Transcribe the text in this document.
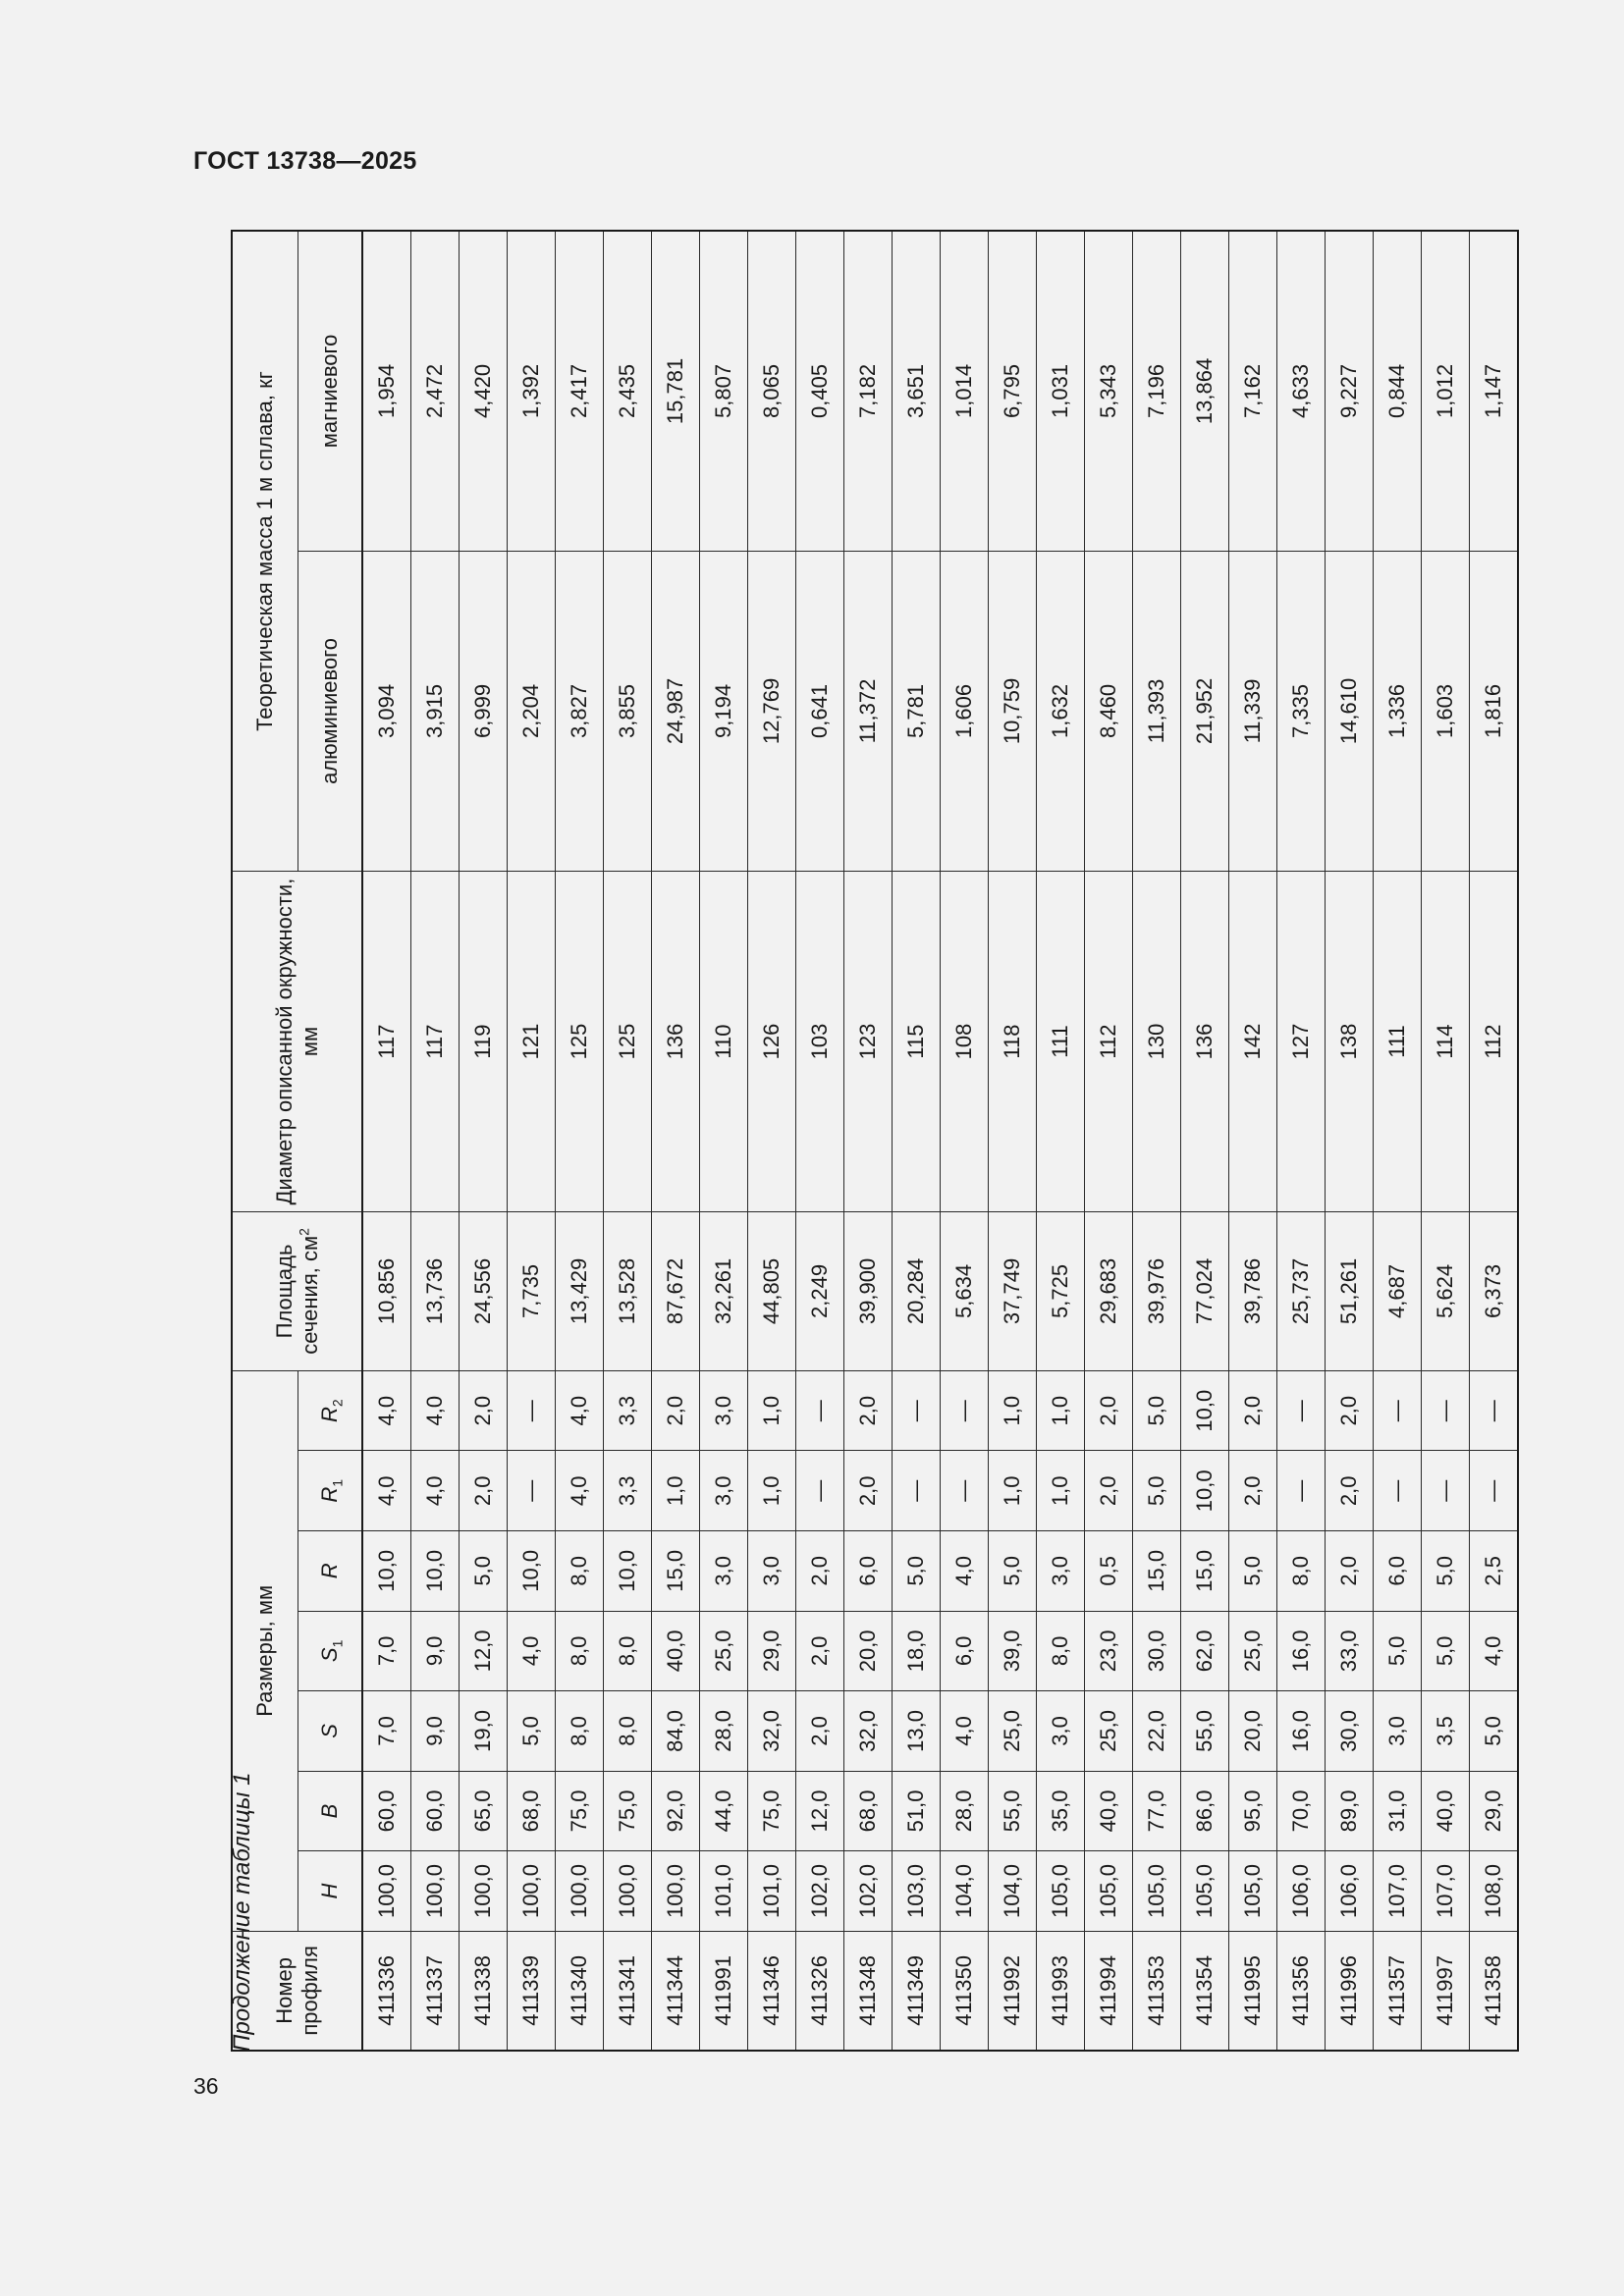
ГОСТ 13738—2025
Продолжение таблицы 1 Номер профиля	Размеры, мм							Площадь сечения, $см^2$	Диаметр описанной окружности, мм	Теоретическая масса 1 м сплава, кг	
	H	B	S	$S_1$	R	$R_1$	$R_2$			алюминиевого	магниевого
411336	100,0	60,0	7,0	7,0	10,0	4,0	4,0	10,856	117	3,094	1,954
411337	100,0	60,0	9,0	9,0	10,0	4,0	4,0	13,736	117	3,915	2,472
411338	100,0	65,0	19,0	12,0	5,0	2,0	2,0	24,556	119	6,999	4,420
411339	100,0	68,0	5,0	4,0	10,0	—	—	7,735	121	2,204	1,392
411340	100,0	75,0	8,0	8,0	8,0	4,0	4,0	13,429	125	3,827	2,417
411341	100,0	75,0	8,0	8,0	10,0	3,3	3,3	13,528	125	3,855	2,435
411344	100,0	92,0	84,0	40,0	15,0	1,0	2,0	87,672	136	24,987	15,781
411991	101,0	44,0	28,0	25,0	3,0	3,0	3,0	32,261	110	9,194	5,807
411346	101,0	75,0	32,0	29,0	3,0	1,0	1,0	44,805	126	12,769	8,065
411326	102,0	12,0	2,0	2,0	2,0	—	—	2,249	103	0,641	0,405
411348	102,0	68,0	32,0	20,0	6,0	2,0	2,0	39,900	123	11,372	7,182
411349	103,0	51,0	13,0	18,0	5,0	—	—	20,284	115	5,781	3,651
411350	104,0	28,0	4,0	6,0	4,0	—	—	5,634	108	1,606	1,014
411992	104,0	55,0	25,0	39,0	5,0	1,0	1,0	37,749	118	10,759	6,795
411993	105,0	35,0	3,0	8,0	3,0	1,0	1,0	5,725	111	1,632	1,031
411994	105,0	40,0	25,0	23,0	0,5	2,0	2,0	29,683	112	8,460	5,343
411353	105,0	77,0	22,0	30,0	15,0	5,0	5,0	39,976	130	11,393	7,196
411354	105,0	86,0	55,0	62,0	15,0	10,0	10,0	77,024	136	21,952	13,864
411995	105,0	95,0	20,0	25,0	5,0	2,0	2,0	39,786	142	11,339	7,162
411356	106,0	70,0	16,0	16,0	8,0	—	—	25,737	127	7,335	4,633
411996	106,0	89,0	30,0	33,0	2,0	2,0	2,0	51,261	138	14,610	9,227
411357	107,0	31,0	3,0	5,0	6,0	—	—	4,687	111	1,336	0,844
411997	107,0	40,0	3,5	5,0	5,0	—	—	5,624	114	1,603	1,012
411358	108,0	29,0	5,0	4,0	2,5	—	—	6,373	112	1,816	1,147
36
